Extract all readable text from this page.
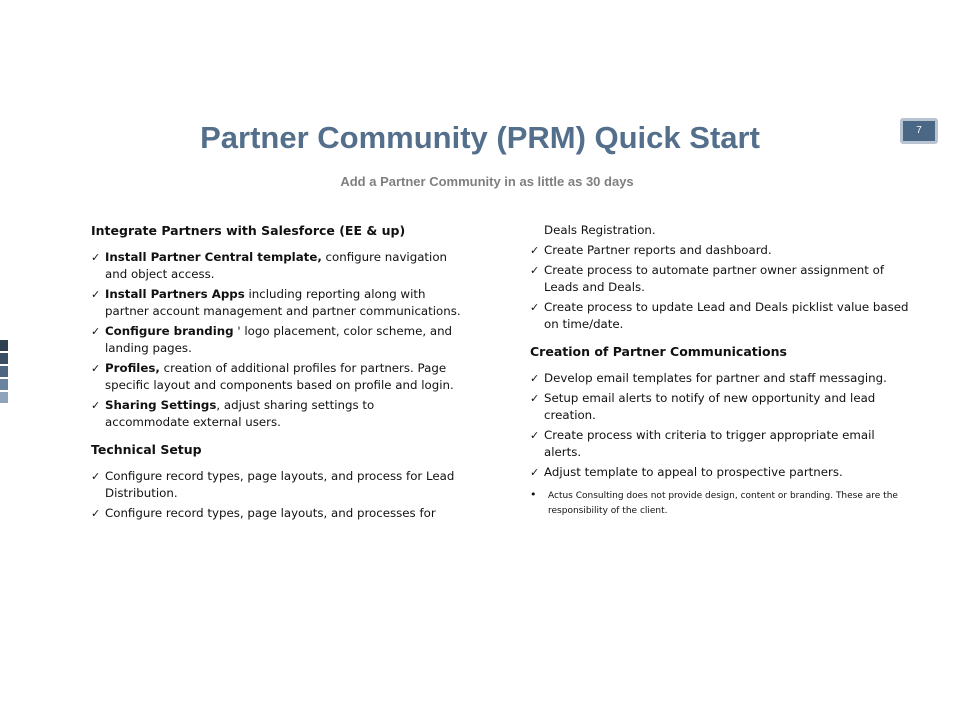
Partner Community (PRM) Quick Start
Add a Partner Community in as little as 30 days
7
Integrate Partners with Salesforce (EE & up)
✓ Install Partner Central template, configure navigation and object access.
✓ Install Partners Apps including reporting along with partner account management and partner communications.
✓ Configure branding ' logo placement, color scheme, and landing pages.
✓ Profiles, creation of additional profiles for partners. Page specific layout and components based on profile and login.
✓ Sharing Settings, adjust sharing settings to accommodate external users.
Technical Setup
✓ Configure record types, page layouts, and process for Lead Distribution.
✓ Configure record types, page layouts, and processes for
Deals Registration.
✓ Create Partner reports and dashboard.
✓ Create process to automate partner owner assignment of Leads and Deals.
✓ Create process to update Lead and Deals picklist value based on time/date.
Creation of Partner Communications
✓ Develop email templates for partner and staff messaging.
✓ Setup email alerts to notify of new opportunity and lead creation.
✓ Create process with criteria to trigger appropriate email alerts.
✓ Adjust template to appeal to prospective partners.
• Actus Consulting does not provide design, content or branding. These are the responsibility of the client.
